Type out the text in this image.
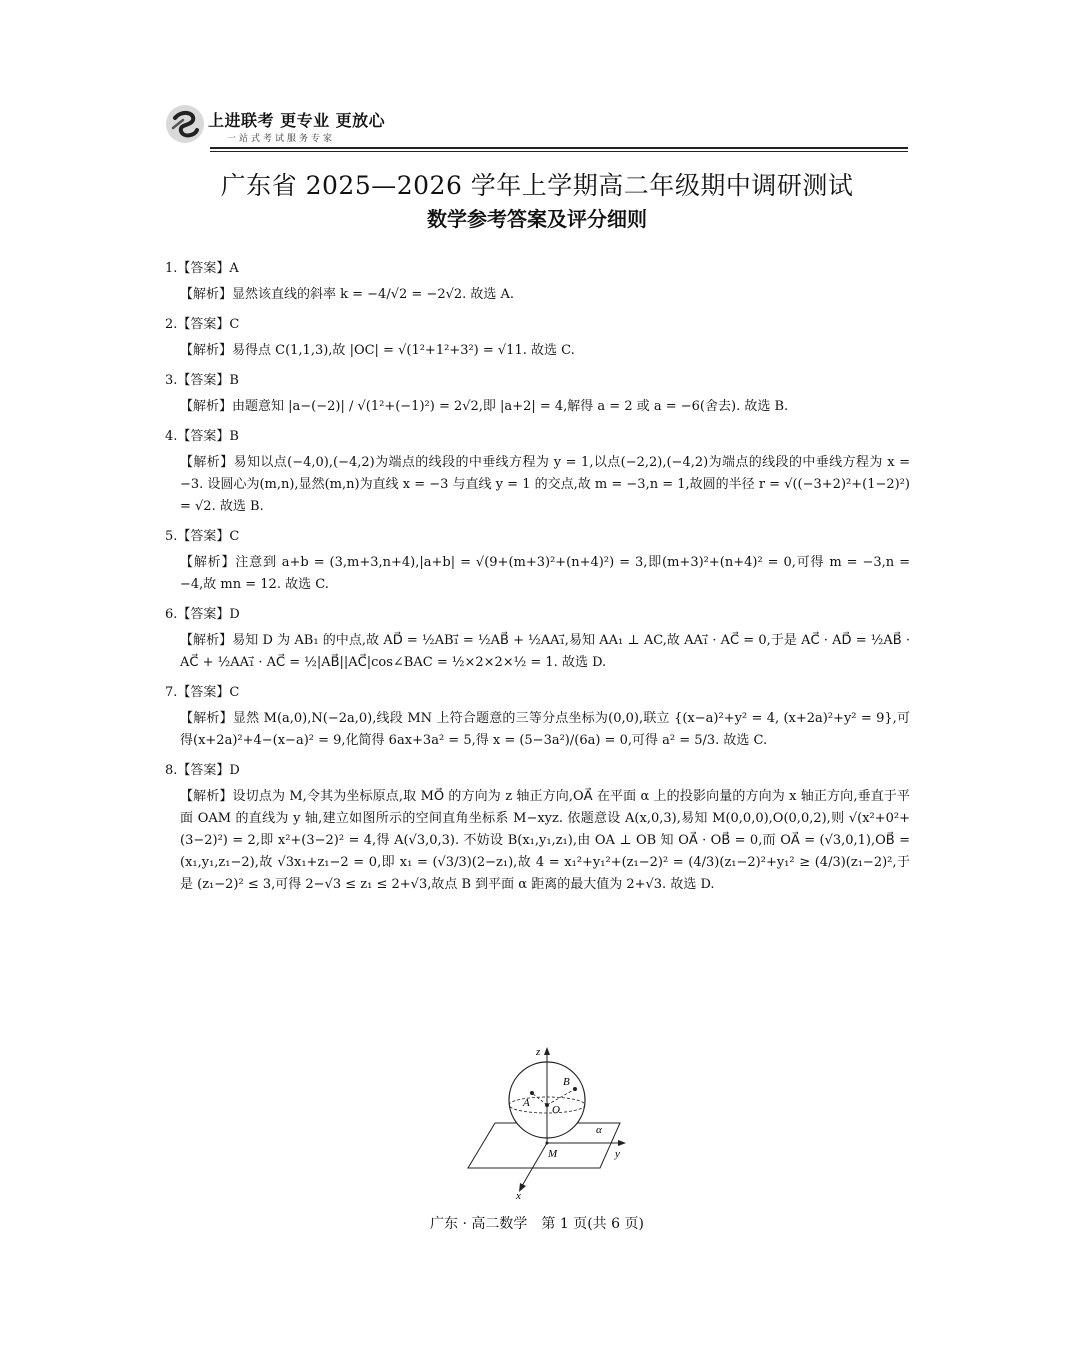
上进联考 更专业 更放心
一站式考试服务专家
广东省 2025—2026 学年上学期高二年级期中调研测试
数学参考答案及评分细则
1.【答案】A
【解析】显然该直线的斜率 k = −4/√2 = −2√2. 故选 A.
2.【答案】C
【解析】易得点 C(1,1,3),故 |OC| = √(1²+1²+3²) = √11. 故选 C.
3.【答案】B
【解析】由题意知 |a−(−2)| / √(1²+(−1)²) = 2√2,即 |a+2| = 4,解得 a = 2 或 a = −6(舍去). 故选 B.
4.【答案】B
【解析】易知以点(−4,0),(−4,2)为端点的线段的中垂线方程为 y = 1,以点(−2,2),(−4,2)为端点的线段的中垂线方程为 x = −3. 设圆心为(m,n),显然(m,n)为直线 x = −3 与直线 y = 1 的交点,故 m = −3,n = 1,故圆的半径 r = √((−3+2)²+(1−2)²) = √2. 故选 B.
5.【答案】C
【解析】注意到 a+b = (3,m+3,n+4),|a+b| = √(9+(m+3)²+(n+4)²) = 3,即(m+3)²+(n+4)² = 0,可得 m = −3,n = −4,故 mn = 12. 故选 C.
6.【答案】D
【解析】易知 D 为 AB₁ 的中点,故 AD⃗ = ½AB₁⃗ = ½AB⃗ + ½AA₁⃗,易知 AA₁ ⊥ AC,故 AA₁⃗ · AC⃗ = 0,于是 AC⃗ · AD⃗ = ½AB⃗ · AC⃗ + ½AA₁⃗ · AC⃗ = ½|AB⃗||AC⃗|cos∠BAC = ½×2×2×½ = 1. 故选 D.
7.【答案】C
【解析】显然 M(a,0),N(−2a,0),线段 MN 上符合题意的三等分点坐标为(0,0),联立 {(x−a)²+y² = 4, (x+2a)²+y² = 9},可得(x+2a)²+4−(x−a)² = 9,化简得 6ax+3a² = 5,得 x = (5−3a²)/(6a) = 0,可得 a² = 5/3. 故选 C.
8.【答案】D
【解析】设切点为 M,令其为坐标原点,取 MO⃗ 的方向为 z 轴正方向,OA⃗ 在平面 α 上的投影向量的方向为 x 轴正方向,垂直于平面 OAM 的直线为 y 轴,建立如图所示的空间直角坐标系 M−xyz. 依题意设 A(x,0,3),易知 M(0,0,0),O(0,0,2),则 √(x²+0²+(3−2)²) = 2,即 x²+(3−2)² = 4,得 A(√3,0,3). 不妨设 B(x₁,y₁,z₁),由 OA ⊥ OB 知 OA⃗ · OB⃗ = 0,而 OA⃗ = (√3,0,1),OB⃗ = (x₁,y₁,z₁−2),故 √3x₁+z₁−2 = 0,即 x₁ = (√3/3)(2−z₁),故 4 = x₁²+y₁²+(z₁−2)² = (4/3)(z₁−2)²+y₁² ≥ (4/3)(z₁−2)²,于是 (z₁−2)² ≤ 3,可得 2−√3 ≤ z₁ ≤ 2+√3,故点 B 到平面 α 距离的最大值为 2+√3. 故选 D.
z
y
x
A
B
O
M
α
广东 · 高二数学　第 1 页(共 6 页)
